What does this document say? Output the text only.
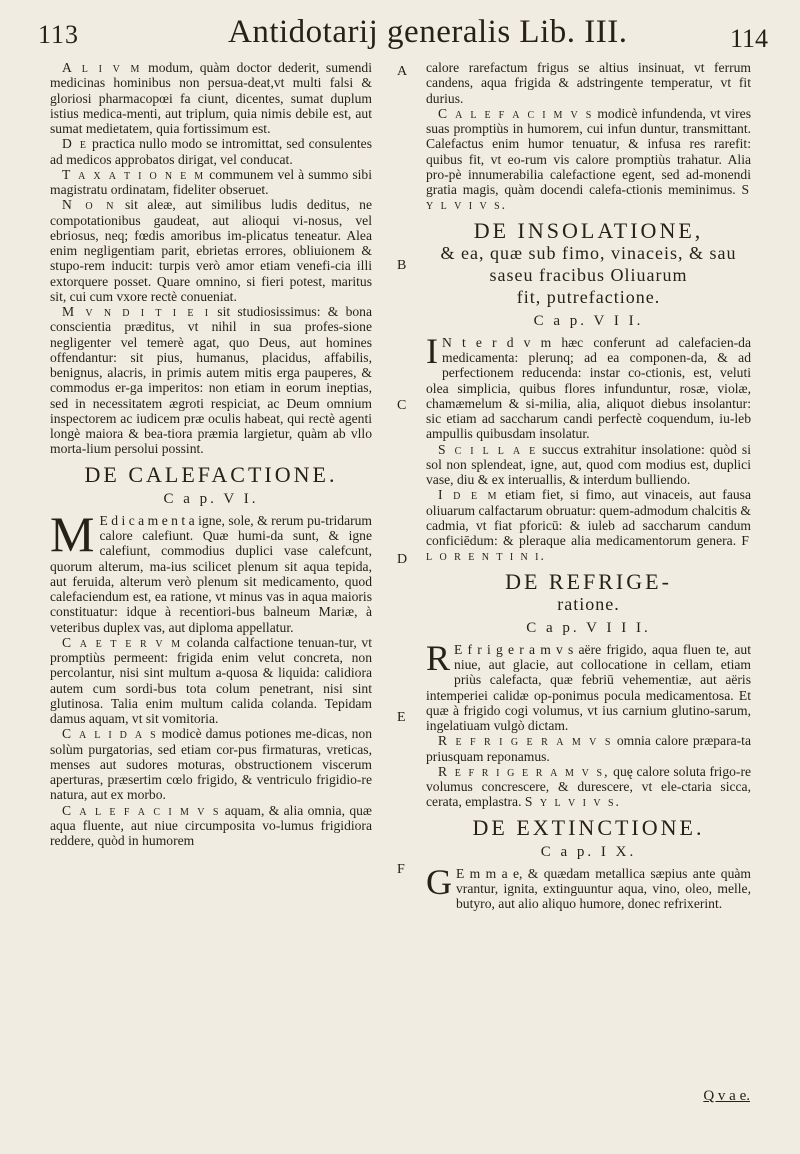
113	Antidotarij generalis Lib. III.	114
A
B
C
D
E
F

A l i v m modum, quàm doctor dederit, sumendi medicinas hominibus non persua-deat,vt multi falsi & gloriosi pharmacopœi fa ciunt, dicentes, sumat duplum istius medica-menti, aut triplum, quia nimis debile est, aut sumat medietatem, quia fortissimum est.

D e practica nullo modo se intromittat, sed consulentes ad medicos approbatos dirigat, vel conducat.

T a x a t i o n e m communem vel à summo sibi magistratu ordinatam, fideliter obseruet.

N o n sit aleæ, aut similibus ludis deditus, ne compotationibus gaudeat, aut alioqui vi-nosus, vel ebriosus, neq; fœdis amoribus im-plicatus teneatur. Alea enim negligentiam parit, ebrietas errores, obliuionem & stupo-rem inducit: turpis verò amor etiam venefi-cia illi extorquere posset. Quare omnino, si fieri potest, maritus sit, cui cum vxore rectè conueniat.

M v n d i t i e i sit studiosissimus: & bona conscientia præditus, vt nihil in sua profes-sione negligenter vel temerè agat, quo Deus, aut homines offendantur: sit pius, humanus, placidus, affabilis, benignus, alacris, in primis autem mitis erga pauperes, & commodus er-ga imperitos: non etiam in eorum ineptias, sed in necessitatem ægroti respiciat, ac Deum omnium inspectorem ac iudicem præ oculis habeat, qui rectè agenti longè maiora & bea-tiora præmia largietur, quàm ab vllo morta-lium persolui possint.

DE CALEFACTIONE.
C a p. V I.

M E d i c a m e n t a igne, sole, & rerum pu-tridarum calore calefiunt. Quæ humi-da sunt, & igne calefiunt, commodius duplici vase calefcunt, quorum alterum, ma-ius scilicet plenum sit aqua tepida, aut feruida, alterum verò plenum sit medicamento, quod calefaciendum est, ea ratione, vt minus vas in aqua maioris constituatur: idque à recentiori-bus balneum Mariæ, à veteribus duplex vas, aut diploma appellatur.

C a e t e r v m colanda calfactione tenuan-tur, vt promptiùs permeent: frigida enim velut concreta, non percolantur, nisi sint multum a-quosa & liquida: calidiora autem cum sordi-bus tota colum penetrant, nisi sint glutinosa. Talia enim multum calida colanda. Tepidam damus aquam, vt sit vomitoria.

C a l i d a s modicè damus potiones me-dicas, non solùm purgatorias, sed etiam cor-pus firmaturas, vreticas, menses aut sudores moturas, obstructionem viscerum aperturas, præsertim cœlo frigido, & ventriculo frigidio-re natura, aut ex morbo.

C a l e f a c i m v s aquam, & alia omnia, quæ aqua fluente, aut niue circumposita vo-lumus frigidiora reddere, quòd in humorem

calore rarefactum frigus se altius insinuat, vt ferrum candens, aqua frigida & adstringente temperatur, vt fit durius.

C a l e f a c i m v s modicè infundenda, vt vires suas promptiùs in humorem, cui infun duntur, transmittant. Calefactus enim humor tenuatur, & infusa res rarefit: quibus fit, vt eo-rum vis calore promptiùs trahatur. Alia pro-pè innumerabilia calefactione egent, sed ad-monendi gratia magis, quàm docendi calefa-ctionis meminimus. S y l v i v s.

DE INSOLATIONE,
& ea, quæ sub fimo, vinaceis, & sau
saseu fracibus Oliuarum
fit, putrefactione.
C a p. V I I.

I N t e r d v m hæc conferunt ad calefacien-da medicamenta: plerunq; ad ea componen-da, & ad perfectionem reducenda: instar co-ctionis, est, veluti olea simplicia, quibus flores infunduntur, rosæ, violæ, chamæmelum & si-milia, alia, aliquot diebus insolantur: sic etiam ad saccharum candi perfectè coquendum, iu-leb ampullis quibusdam insolatur.

S c i l l a e succus extrahitur insolatione: quòd si sol non splendeat, igne, aut, quod com modius est, duplici vase, diu & ex interuallis, & interdum bulliendo.

I d e m etiam fiet, si fimo, aut vinaceis, aut fausa oliuarum calfactarum obruatur: quem-admodum chalcitis & cadmia, vt fiat pforicū: & iuleb ad saccharum candum conficiēdum: & pleraque alia medicamentorum genera. F l o r e n t i n i.

DE REFRIGE-
ratione.
C a p. V I I I.

R E f r i g e r a m v s aëre frigido, aqua fluen te, aut niue, aut glacie, aut collocatione in cellam, etiam priùs calefacta, quæ febriū vehementiæ, aut aëris intemperiei calidæ op-ponimus pocula medicamentosa. Et quæ à frigido cogi volumus, vt ius carnium glutino-sarum, ingelatiuam vulgò dictam.

R e f r i g e r a m v s omnia calore præpara-ta priusquam reponamus.

R e f r i g e r a m v s, quę calore soluta frigo-re volumus concrescere, & durescere, vt ele-ctaria sicca, cerata, emplastra. S y l v i v s.

DE EXTINCTIONE.
C a p. I X.

G E m m a e, & quædam metallica sæpius ante quàm vrantur, ignita, extinguuntur aqua, vino, oleo, melle, butyro, aut alio aliquo humore, donec refrixerint.

Q v a e.
